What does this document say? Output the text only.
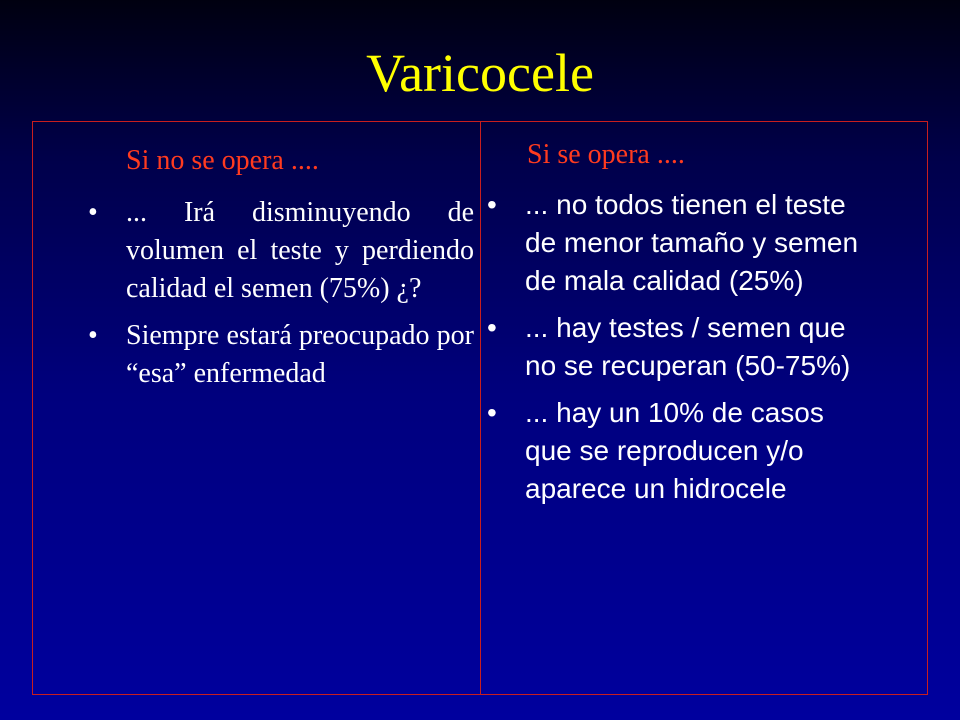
Varicocele
Si no se opera ....
•	... Irá disminuyendo de volumen el teste y perdiendo calidad el semen (75%) ¿?
•	Siempre estará preocupado por “esa” enfermedad
Si se opera ....
•	... no todos tienen el teste de menor tamaño y semen de mala calidad (25%)
•	... hay testes / semen que no se recuperan (50-75%)
•	... hay un 10% de casos que se reproducen y/o aparece un hidrocele
